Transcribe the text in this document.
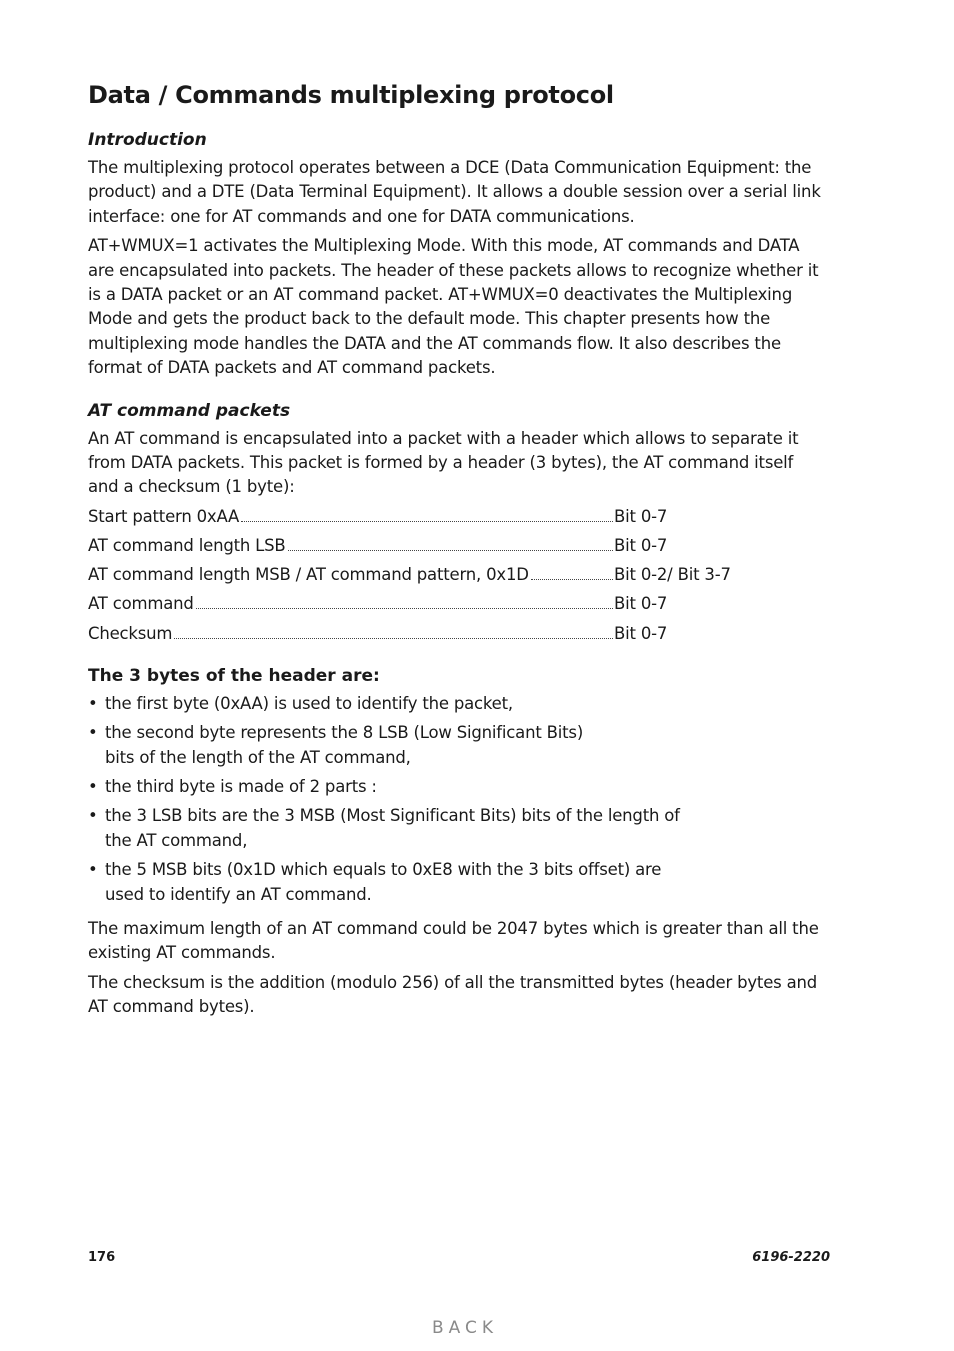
Data / Commands multiplexing protocol
Introduction

The multiplexing protocol operates between a DCE (Data Communication Equipment: the product) and a DTE (Data Terminal Equipment). It allows a double session over a serial link interface: one for AT commands and one for DATA communications.

AT+WMUX=1 activates the Multiplexing Mode. With this mode, AT commands and DATA are encapsulated into packets. The header of these packets allows to recognize whether it is a DATA packet or an AT command packet. AT+WMUX=0 deactivates the Multiplexing Mode and gets the product back to the default mode. This chapter presents how the multiplexing mode handles the DATA and the AT commands flow. It also describes the format of DATA packets and AT command packets.

AT command packets

An AT command is encapsulated into a packet with a header which allows to separate it from DATA packets. This packet is formed by a header (3 bytes), the AT command itself and a checksum (1 byte):

Start pattern 0xAA	Bit 0-7
AT command length LSB	Bit 0-7
AT command length MSB / AT command pattern, 0x1D	Bit 0-2/ Bit 3-7
AT command	Bit 0-7
Checksum	Bit 0-7
The 3 bytes of the header are:
• the first byte (0xAA) is used to identify the packet,
• the second byte represents the 8 LSB (Low Significant Bits) bits of the length of the AT command,
• the third byte is made of 2 parts :
• the 3 LSB bits are the 3 MSB (Most Significant Bits) bits of the length of the AT command,
• the 5 MSB bits (0x1D which equals to 0xE8 with the 3 bits offset) are used to identify an AT command.

The maximum length of an AT command could be 2047 bytes which is greater than all the existing AT commands.

The checksum is the addition (modulo 256) of all the transmitted bytes (header bytes and AT command bytes).

176	6196-2220
BACK
